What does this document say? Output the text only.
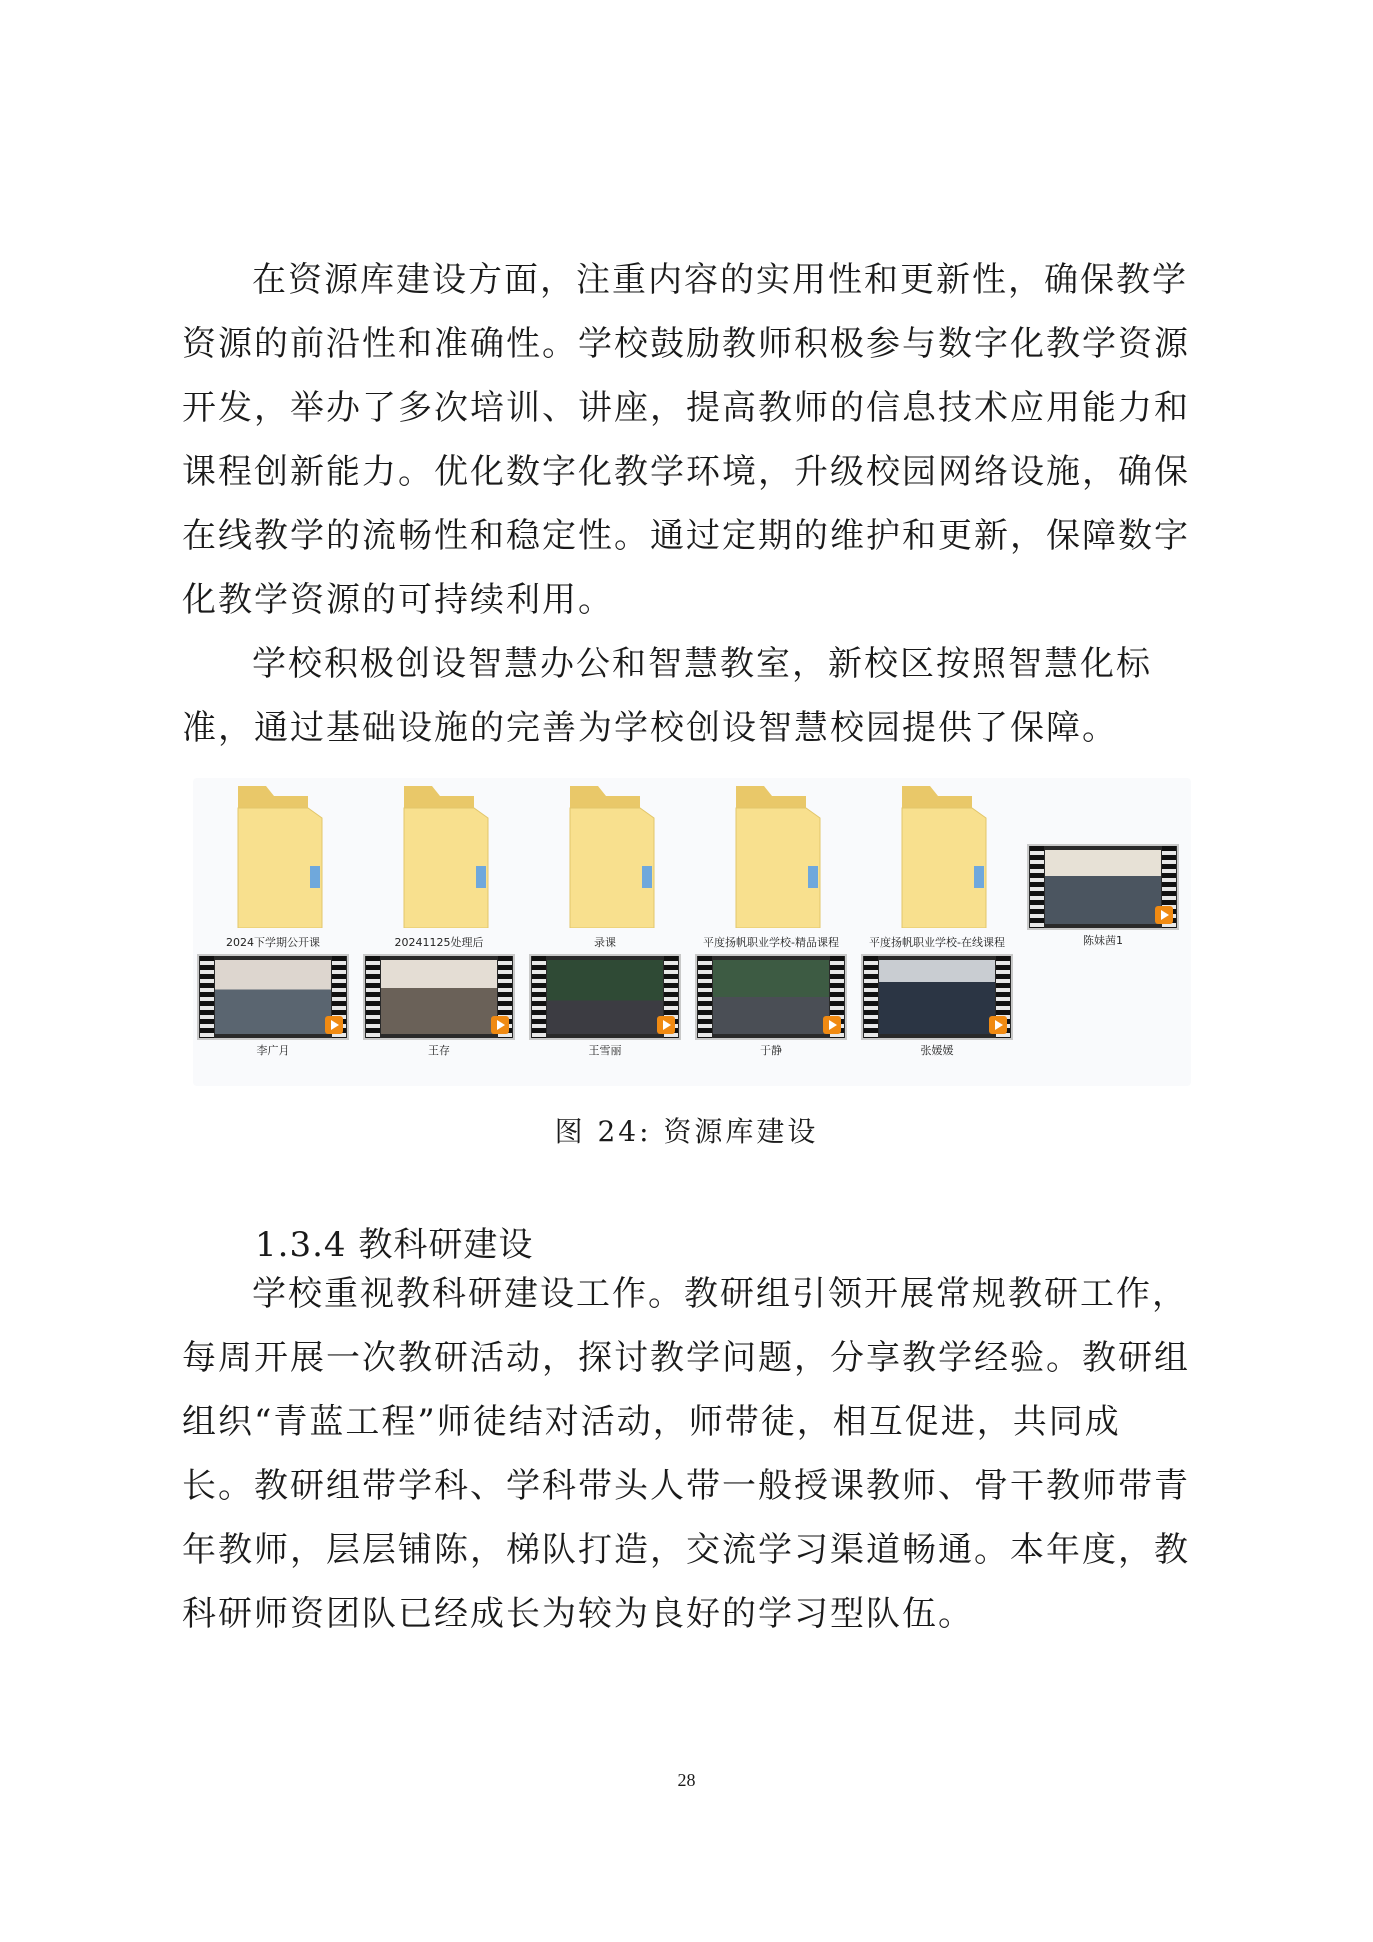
在资源库建设方面，注重内容的实用性和更新性，确保教学资源的前沿性和准确性。学校鼓励教师积极参与数字化教学资源开发，举办了多次培训、讲座，提高教师的信息技术应用能力和课程创新能力。优化数字化教学环境，升级校园网络设施，确保在线教学的流畅性和稳定性。通过定期的维护和更新，保障数字化教学资源的可持续利用。

学校积极创设智慧办公和智慧教室，新校区按照智慧化标准，通过基础设施的完善为学校创设智慧校园提供了保障。

2024下学期公开课	20241125处理后	录课	平度扬帆职业学校-精品课程	平度扬帆职业学校-在线课程	陈妹茜1
李广月	王存	王雪丽	于静	张媛媛
图 24: 资源库建设
1.3.4 教科研建设

学校重视教科研建设工作。教研组引领开展常规教研工作，每周开展一次教研活动，探讨教学问题，分享教学经验。教研组组织“青蓝工程”师徒结对活动，师带徒，相互促进，共同成长。教研组带学科、学科带头人带一般授课教师、骨干教师带青年教师，层层铺陈，梯队打造，交流学习渠道畅通。本年度，教科研师资团队已经成长为较为良好的学习型队伍。

28
